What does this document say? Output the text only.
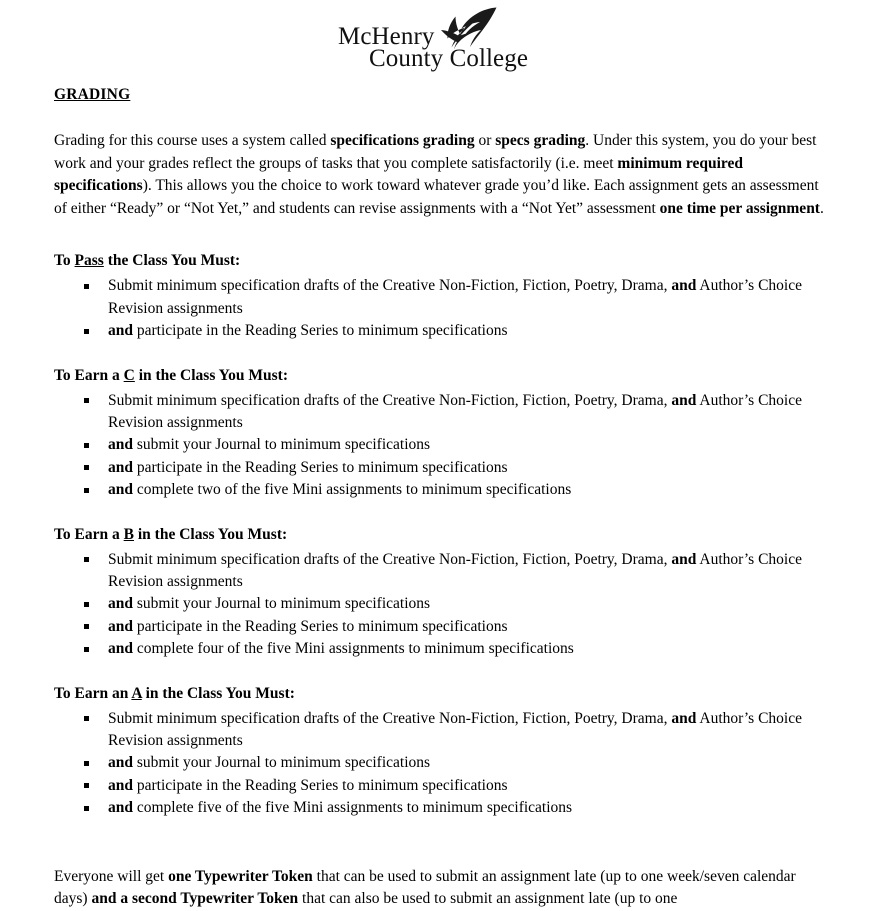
McHenry
County College
GRADING

Grading for this course uses a system called specifications grading or specs grading. Under this system, you do your best work and your grades reflect the groups of tasks that you complete satisfactorily (i.e. meet minimum required specifications). This allows you the choice to work toward whatever grade you’d like. Each assignment gets an assessment of either “Ready” or “Not Yet,” and students can revise assignments with a “Not Yet” assessment one time per assignment.

To Pass the Class You Must:
Submit minimum specification drafts of the Creative Non-Fiction, Fiction, Poetry, Drama, and Author’s Choice Revision assignments
and participate in the Reading Series to minimum specifications
To Earn a C in the Class You Must:
Submit minimum specification drafts of the Creative Non-Fiction, Fiction, Poetry, Drama, and Author’s Choice Revision assignments
and submit your Journal to minimum specifications
and participate in the Reading Series to minimum specifications
and complete two of the five Mini assignments to minimum specifications
To Earn a B in the Class You Must:
Submit minimum specification drafts of the Creative Non-Fiction, Fiction, Poetry, Drama, and Author’s Choice Revision assignments
and submit your Journal to minimum specifications
and participate in the Reading Series to minimum specifications
and complete four of the five Mini assignments to minimum specifications
To Earn an A in the Class You Must:
Submit minimum specification drafts of the Creative Non-Fiction, Fiction, Poetry, Drama, and Author’s Choice Revision assignments
and submit your Journal to minimum specifications
and participate in the Reading Series to minimum specifications
and complete five of the five Mini assignments to minimum specifications

Everyone will get one Typewriter Token that can be used to submit an assignment late (up to one week/seven calendar days) and a second Typewriter Token that can also be used to submit an assignment late (up to one
